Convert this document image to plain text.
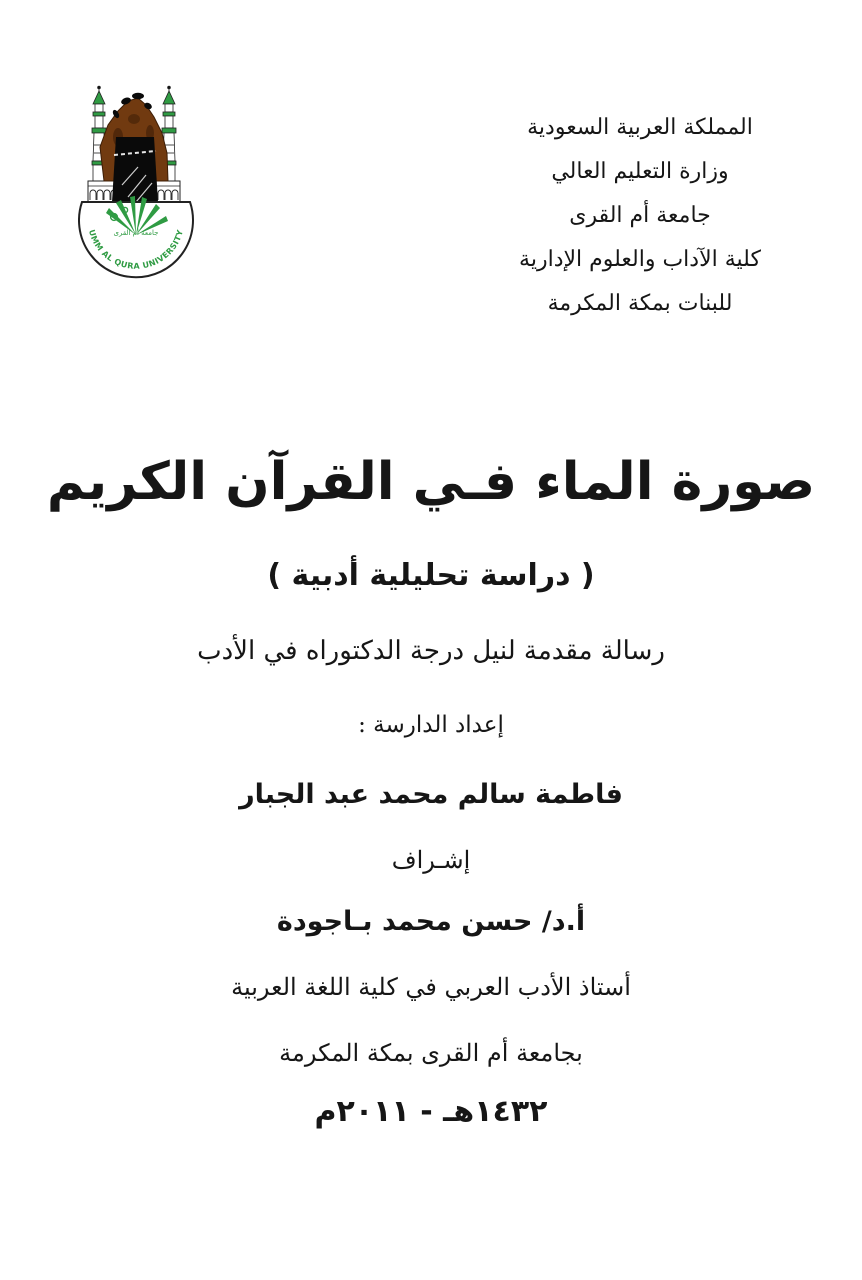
جامعة أم القرى
UMM AL QURA UNIVERSITY
المملكة العربية السعودية
وزارة التعليم العالي
جامعة أم القرى
كلية الآداب والعلوم الإدارية
للبنات بمكة المكرمة
صورة الماء فـي القرآن الكريم
( دراسة تحليلية أدبية )
رسالة مقدمة لنيل درجة الدكتوراه في الأدب
إعداد الدارسة :
فاطمة سالم محمد عبد الجبار
إشـراف
أ.د/ حسن محمد بـاجودة
أستاذ الأدب العربي في كلية اللغة العربية
بجامعة أم القرى بمكة المكرمة
١٤٣٢هـ - ٢٠١١م
